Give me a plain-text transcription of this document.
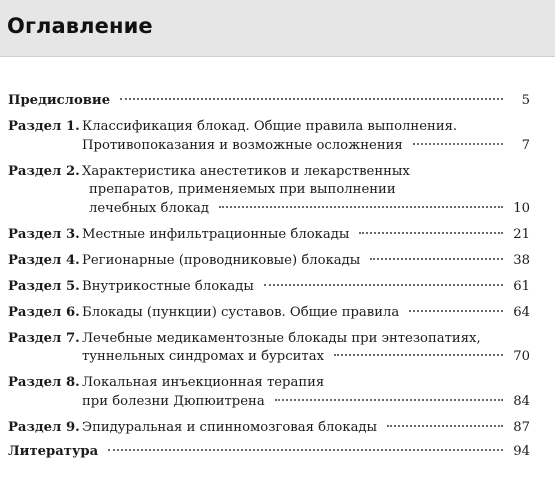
Оглавление
Предисловие	5
Раздел 1. Классификация блокад. Общие правила выполнения.
Противопоказания и возможные осложнения	7
Раздел 2. Характеристика анестетиков и лекарственных
препаратов, применяемых при выполнении
лечебных блокад	10
Раздел 3. Местные инфильтрационные блокады	21
Раздел 4. Регионарные (проводниковые) блокады	38
Раздел 5. Внутрикостные блокады	61
Раздел 6. Блокады (пункции) суставов. Общие правила	64
Раздел 7. Лечебные медикаментозные блокады при энтезопатиях,
туннельных синдромах и бурситах	70
Раздел 8. Локальная инъекционная терапия
при болезни Дюпюитрена	84
Раздел 9. Эпидуральная и спинномозговая блокады	87
Литература	94
